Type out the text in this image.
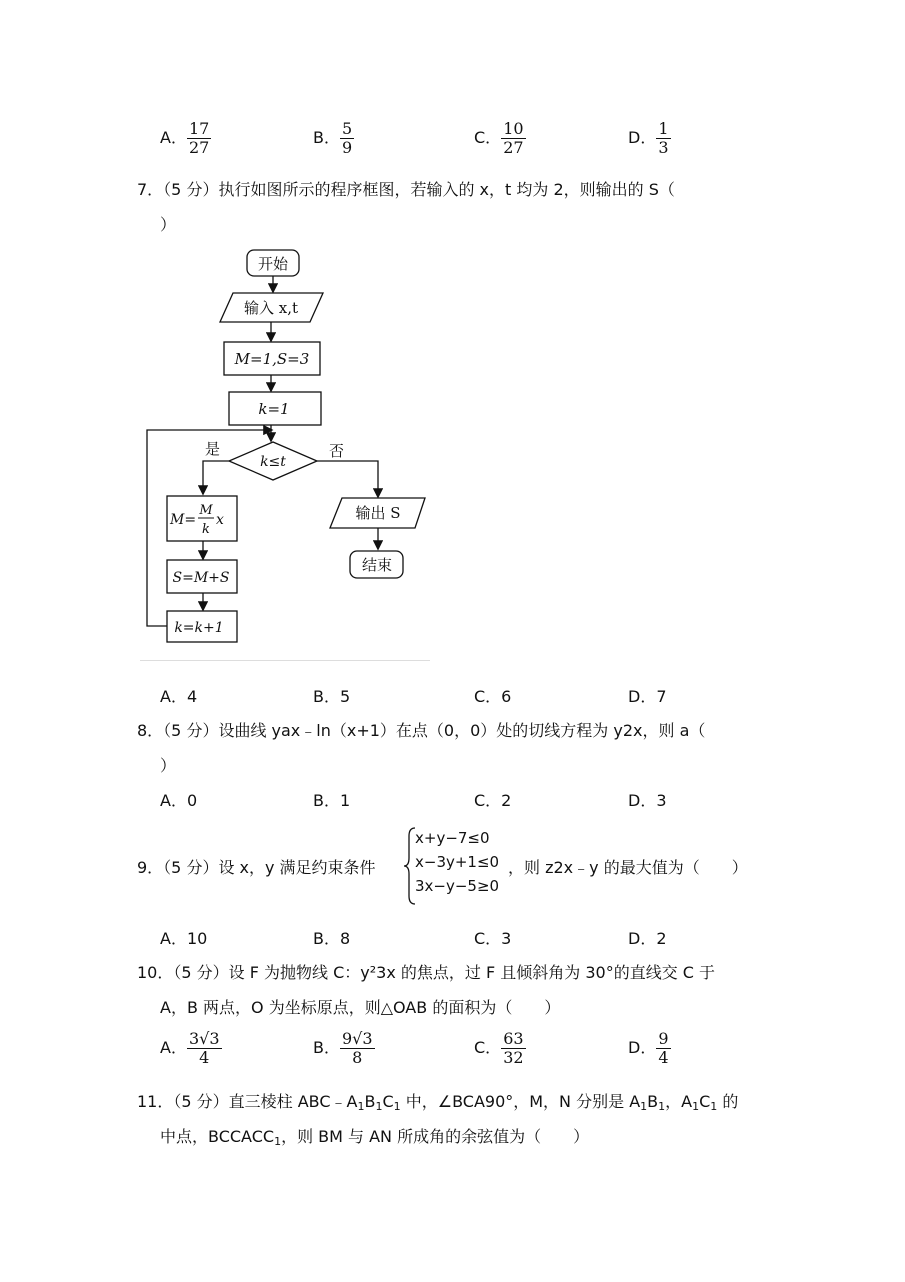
A． $\frac{17}{27}$	B． $\frac{5}{9}$	C． $\frac{10}{27}$	D． $\frac{1}{3}$
7．（5 分）执行如图所示的程序框图，若输入的 x，t 均为 2，则输出的 S（
）
开始
输入 x,t
M=1,S=3
k=1
k≤t
是	否
M=
M
k
x
S=M+S
k=k+1
输出 S
结束
A．4	B．5	C．6	D．7
8．（5 分）设曲线 yax﹣ln（x+1）在点（0，0）处的切线方程为 y2x，则 a（
）
A．0	B．1	C．2	D．3
9．（5 分）设 x，y 满足约束条件
x+y−7≤0
x−3y+1≤0
3x−y−5≥0
，则 z2x﹣y 的最大值为（　　）
A．10	B．8	C．3	D．2
10．（5 分）设 F 为抛物线 C：y²3x 的焦点，过 F 且倾斜角为 30°的直线交 C 于
A，B 两点，O 为坐标原点，则△OAB 的面积为（　　）
A． $\frac{3√3}{4}$	B． $\frac{9√3}{8}$	C． $\frac{63}{32}$	D． $\frac{9}{4}$
11．（5 分）直三棱柱 $ABC﹣A_1B_1C_1$ 中，∠BCA90°，M，N 分别是 $A_1B_1$，$A_1C_1$ 的
中点，$BCCACC_1$，则 BM 与 AN 所成角的余弦值为（　　）
